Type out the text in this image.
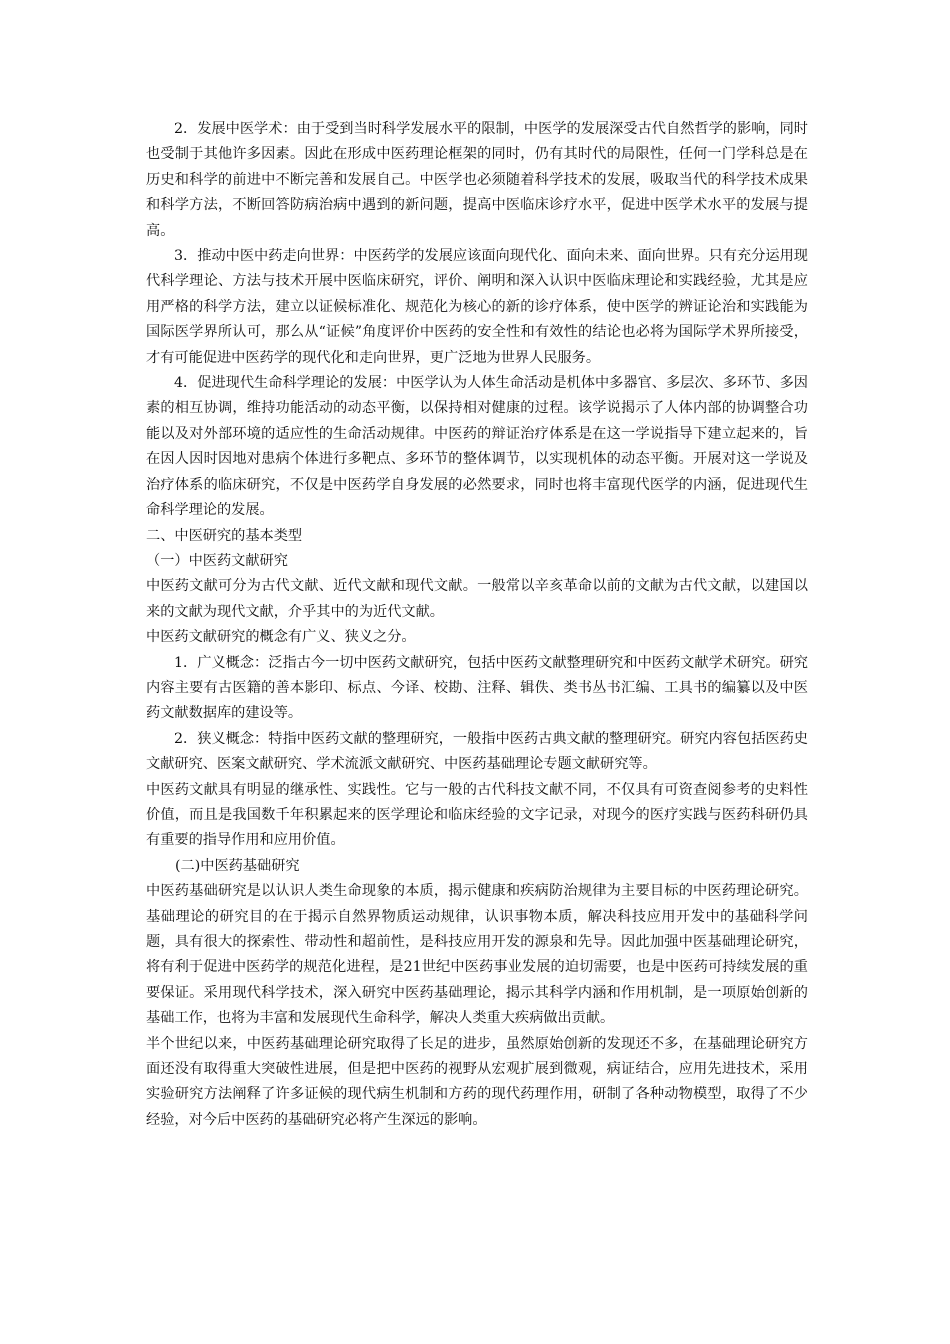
2．发展中医学术：由于受到当时科学发展水平的限制，中医学的发展深受古代自然哲学的影响，同时也受制于其他许多因素。因此在形成中医药理论框架的同时，仍有其时代的局限性，任何一门学科总是在历史和科学的前进中不断完善和发展自己。中医学也必须随着科学技术的发展，吸取当代的科学技术成果和科学方法，不断回答防病治病中遇到的新问题，提高中医临床诊疗水平，促进中医学术水平的发展与提高。

3．推动中医中药走向世界：中医药学的发展应该面向现代化、面向未来、面向世界。只有充分运用现代科学理论、方法与技术开展中医临床研究，评价、阐明和深入认识中医临床理论和实践经验，尤其是应用严格的科学方法，建立以证候标准化、规范化为核心的新的诊疗体系，使中医学的辨证论治和实践能为国际医学界所认可，那么从“证候”角度评价中医药的安全性和有效性的结论也必将为国际学术界所接受，才有可能促进中医药学的现代化和走向世界，更广泛地为世界人民服务。

4．促进现代生命科学理论的发展：中医学认为人体生命活动是机体中多器官、多层次、多环节、多因素的相互协调，维持功能活动的动态平衡，以保持相对健康的过程。该学说揭示了人体内部的协调整合功能以及对外部环境的适应性的生命活动规律。中医药的辩证治疗体系是在这一学说指导下建立起来的，旨在因人因时因地对患病个体进行多靶点、多环节的整体调节，以实现机体的动态平衡。开展对这一学说及治疗体系的临床研究，不仅是中医药学自身发展的必然要求，同时也将丰富现代医学的内涵，促进现代生命科学理论的发展。

二、中医研究的基本类型

（一）中医药文献研究

中医药文献可分为古代文献、近代文献和现代文献。一般常以辛亥革命以前的文献为古代文献，以建国以来的文献为现代文献，介乎其中的为近代文献。

中医药文献研究的概念有广义、狭义之分。

1．广义概念：泛指古今一切中医药文献研究，包括中医药文献整理研究和中医药文献学术研究。研究内容主要有古医籍的善本影印、标点、今译、校勘、注释、辑佚、类书丛书汇编、工具书的编纂以及中医药文献数据库的建设等。

2．狭义概念：特指中医药文献的整理研究，一般指中医药古典文献的整理研究。研究内容包括医药史文献研究、医案文献研究、学术流派文献研究、中医药基础理论专题文献研究等。

中医药文献具有明显的继承性、实践性。它与一般的古代科技文献不同，不仅具有可资查阅参考的史料性价值，而且是我国数千年积累起来的医学理论和临床经验的文字记录，对现今的医疗实践与医药科研仍具有重要的指导作用和应用价值。

(二)中医药基础研究

中医药基础研究是以认识人类生命现象的本质，揭示健康和疾病防治规律为主要目标的中医药理论研究。基础理论的研究目的在于揭示自然界物质运动规律，认识事物本质，解决科技应用开发中的基础科学问题，具有很大的探索性、带动性和超前性，是科技应用开发的源泉和先导。因此加强中医基础理论研究，将有利于促进中医药学的规范化进程，是21世纪中医药事业发展的迫切需要，也是中医药可持续发展的重要保证。采用现代科学技术，深入研究中医药基础理论，揭示其科学内涵和作用机制，是一项原始创新的基础工作，也将为丰富和发展现代生命科学，解决人类重大疾病做出贡献。

半个世纪以来，中医药基础理论研究取得了长足的进步，虽然原始创新的发现还不多，在基础理论研究方面还没有取得重大突破性进展，但是把中医药的视野从宏观扩展到微观，病证结合，应用先进技术，采用实验研究方法阐释了许多证候的现代病生机制和方药的现代药理作用，研制了各种动物模型，取得了不少经验，对今后中医药的基础研究必将产生深远的影响。
